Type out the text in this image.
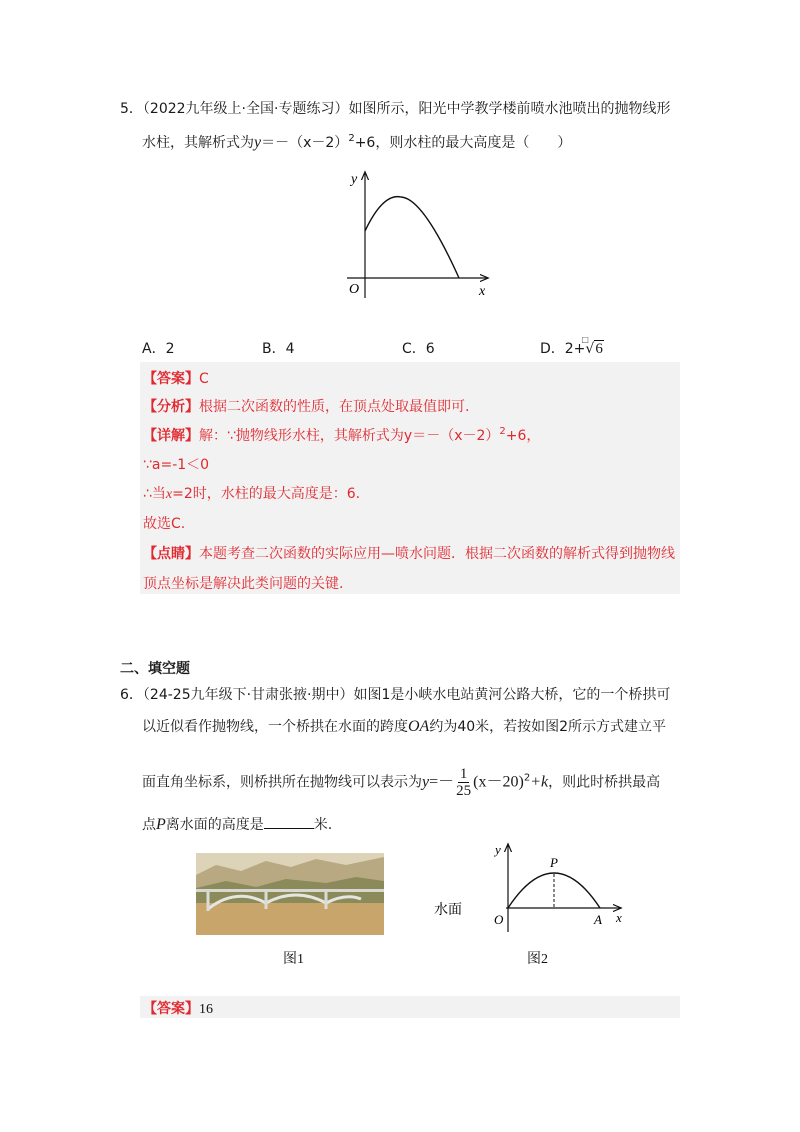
5．（2022九年级上·全国·专题练习）如图所示，阳光中学教学楼前喷水池喷出的抛物线形
水柱，其解析式为$y=-(x-2)^2+6$，则水柱的最大高度是（　　）
y
x
O
A．2	B．4	C．6	D．2+
□
√6
【答案】C
【分析】根据二次函数的性质，在顶点处取最值即可.
【详解】解：∵抛物线形水柱，其解析式为$y=-(x-2)^2+6$，
∵a=-1＜0
∴当x=2时，水柱的最大高度是：6.
故选C.
【点睛】本题考查二次函数的实际应用—喷水问题．根据二次函数的解析式得到抛物线
顶点坐标是解决此类问题的关键.
二、填空题
6．（24-25九年级下·甘肃张掖·期中）如图1是小峡水电站黄河公路大桥，它的一个桥拱可
以近似看作抛物线，一个桥拱在水面的跨度OA约为40米，若按如图2所示方式建立平
面直角坐标系，则桥拱所在抛物线可以表示为$y=- \frac{1}{25} (x-20)^2+k$，则此时桥拱最高
点P离水面的高度是	米.
图1
y
x
O
P
A
水面
图2
【答案】16
